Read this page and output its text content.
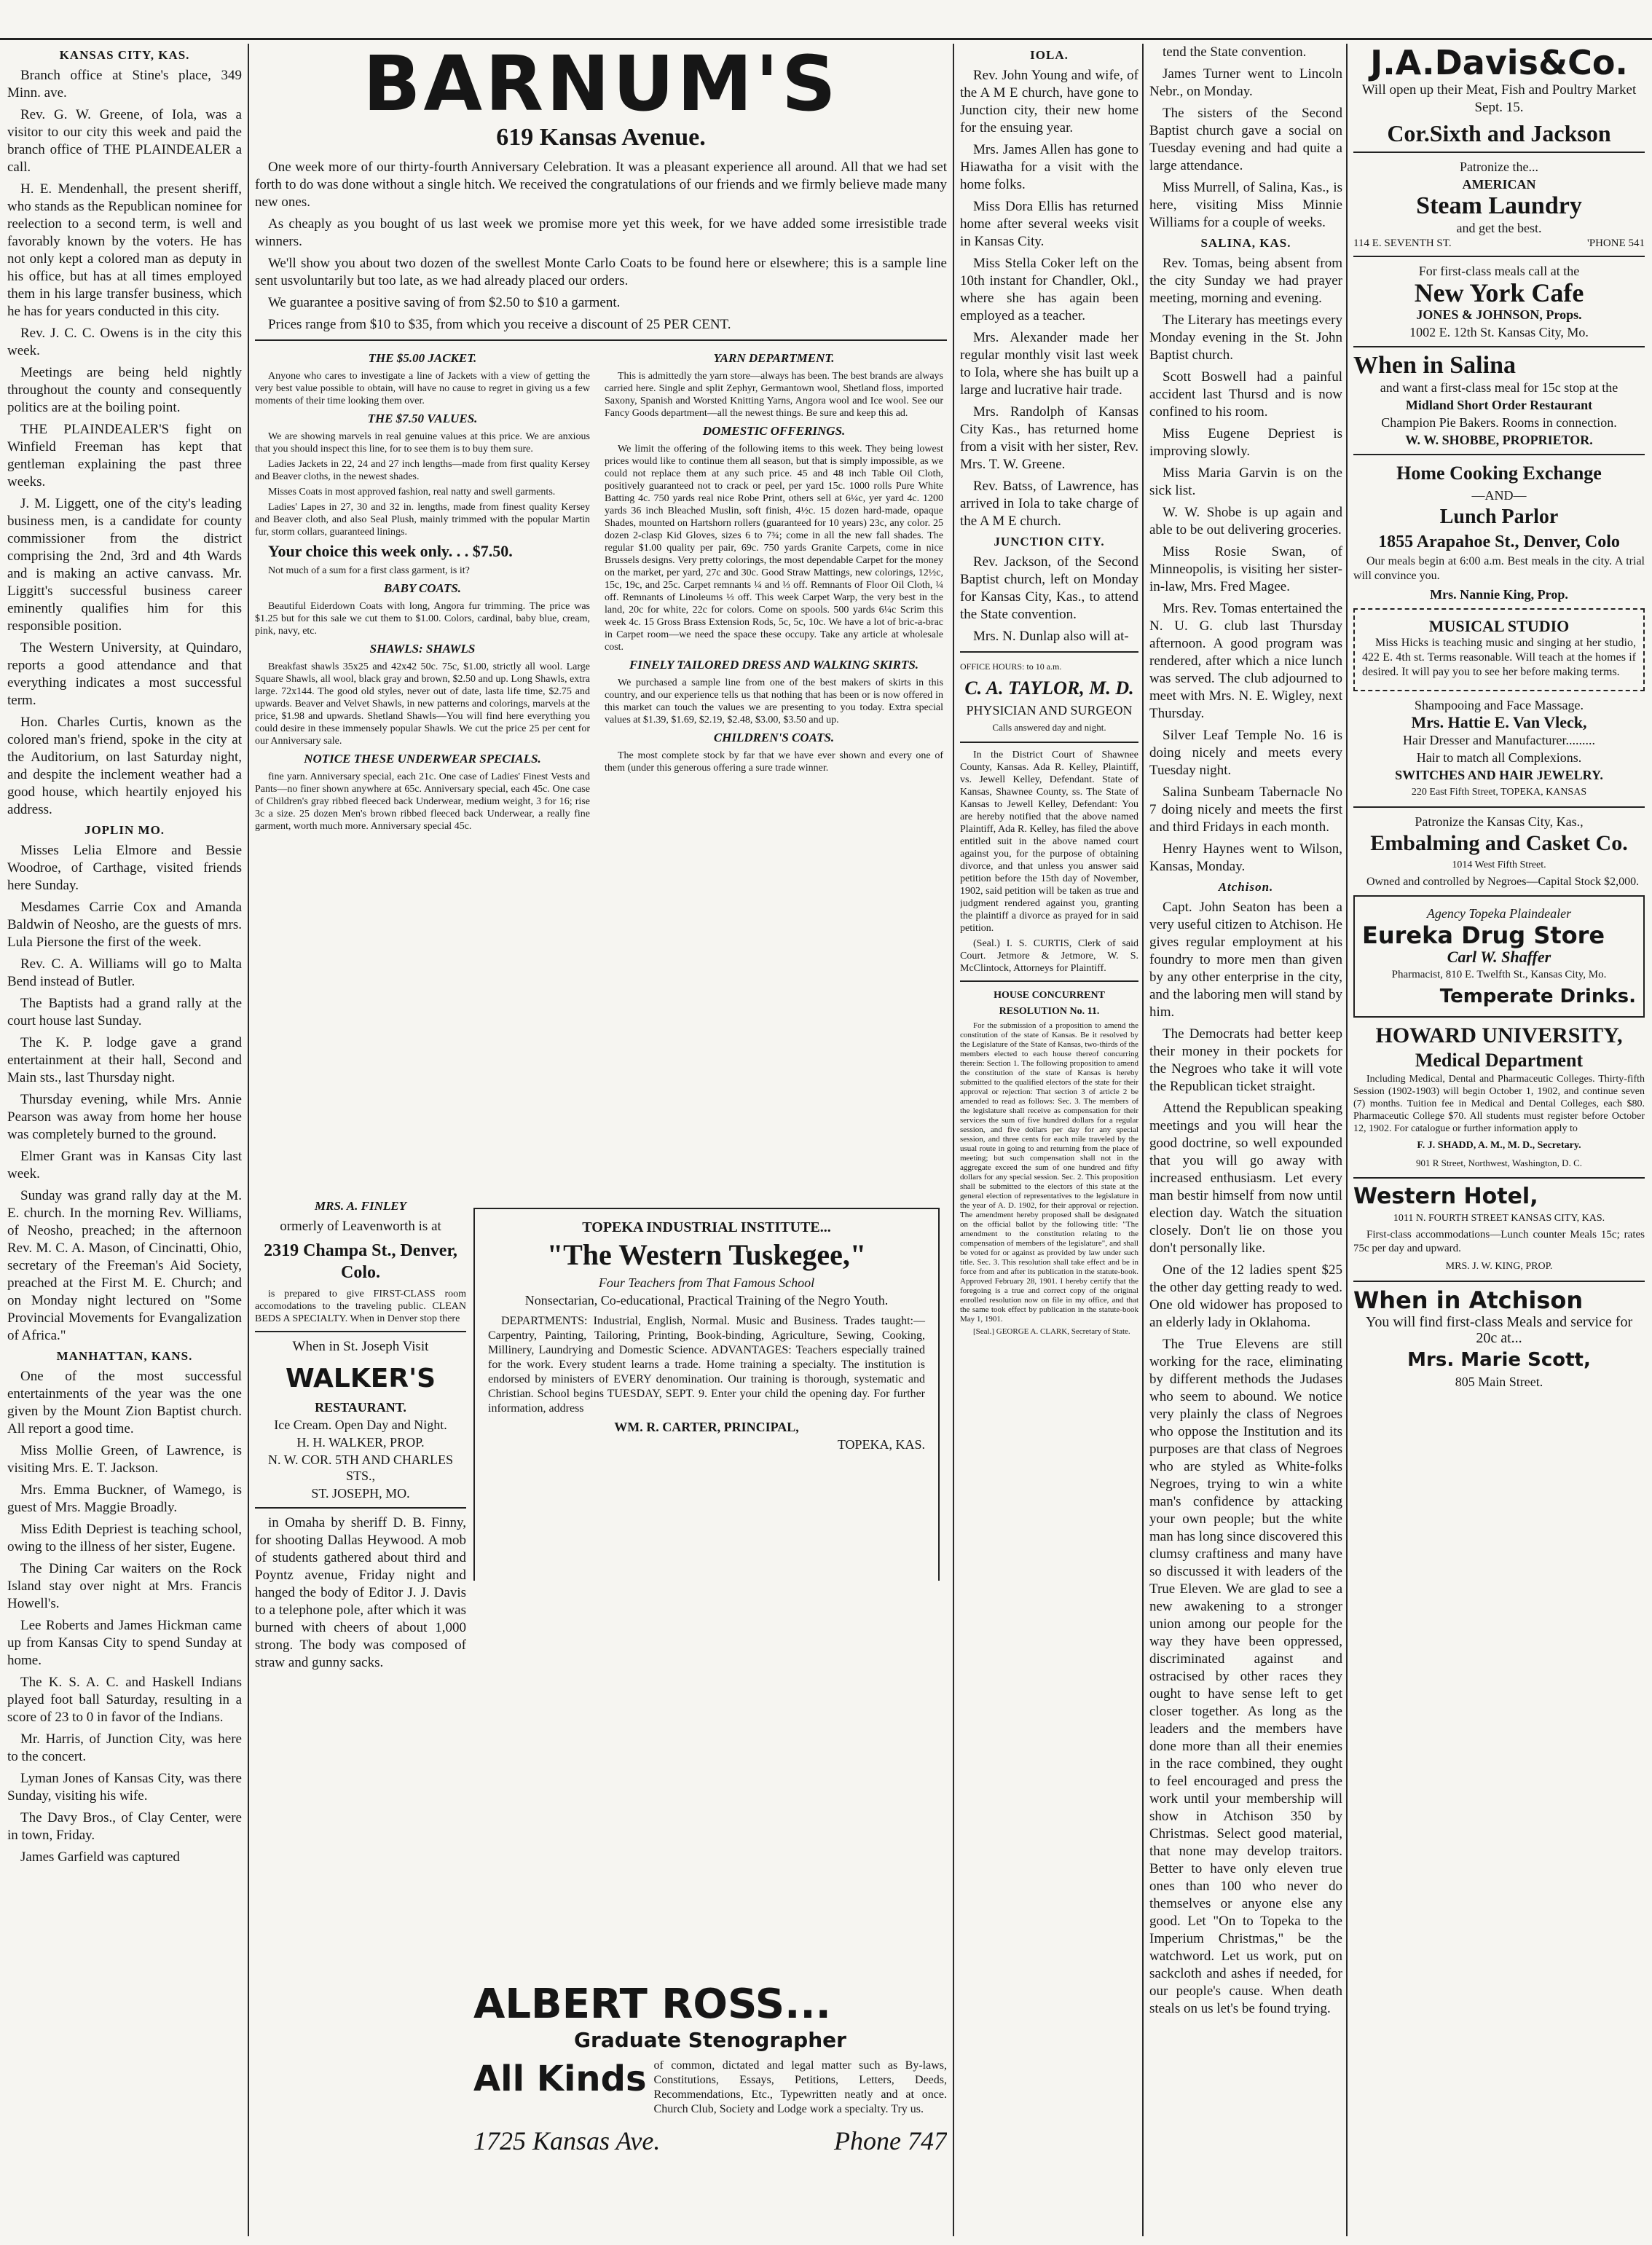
KANSAS CITY, KAS.

Branch office at Stine's place, 349 Minn. ave.

Rev. G. W. Greene, of Iola, was a visitor to our city this week and paid the branch office of THE PLAINDEALER a call.

H. E. Mendenhall, the present sheriff, who stands as the Republican nominee for reelection to a second term, is well and favorably known by the voters. He has not only kept a colored man as deputy in his office, but has at all times employed them in his large transfer business, which he has for years conducted in this city.

Rev. J. C. C. Owens is in the city this week.

Meetings are being held nightly throughout the county and consequently politics are at the boiling point.

THE PLAINDEALER'S fight on Winfield Freeman has kept that gentleman explaining the past three weeks.

J. M. Liggett, one of the city's leading business men, is a candidate for county commissioner from the district comprising the 2nd, 3rd and 4th Wards and is making an active canvass. Mr. Liggitt's successful business career eminently qualifies him for this responsible position.

The Western University, at Quindaro, reports a good attendance and that everything indicates a most successful term.

Hon. Charles Curtis, known as the colored man's friend, spoke in the city at the Auditorium, on last Saturday night, and despite the inclement weather had a good house, which heartily enjoyed his address.

JOPLIN MO.

Misses Lelia Elmore and Bessie Woodroe, of Carthage, visited friends here Sunday.

Mesdames Carrie Cox and Amanda Baldwin of Neosho, are the guests of mrs. Lula Piersone the first of the week.

Rev. C. A. Williams will go to Malta Bend instead of Butler.

The Baptists had a grand rally at the court house last Sunday.

The K. P. lodge gave a grand entertainment at their hall, Second and Main sts., last Thursday night.

Thursday evening, while Mrs. Annie Pearson was away from home her house was completely burned to the ground.

Elmer Grant was in Kansas City last week.

Sunday was grand rally day at the M. E. church. In the morning Rev. Williams, of Neosho, preached; in the afternoon Rev. M. C. A. Mason, of Cincinatti, Ohio, secretary of the Freeman's Aid Society, preached at the First M. E. Church; and on Monday night lectured on "Some Provincial Movements for Evangalization of Africa."

MANHATTAN, KANS.

One of the most successful entertainments of the year was the one given by the Mount Zion Baptist church. All report a good time.

Miss Mollie Green, of Lawrence, is visiting Mrs. E. T. Jackson.

Mrs. Emma Buckner, of Wamego, is guest of Mrs. Maggie Broadly.

Miss Edith Depriest is teaching school, owing to the illness of her sister, Eugene.

The Dining Car waiters on the Rock Island stay over night at Mrs. Francis Howell's.

Lee Roberts and James Hickman came up from Kansas City to spend Sunday at home.

The K. S. A. C. and Haskell Indians played foot ball Saturday, resulting in a score of 23 to 0 in favor of the Indians.

Mr. Harris, of Junction City, was here to the concert.

Lyman Jones of Kansas City, was there Sunday, visiting his wife.

The Davy Bros., of Clay Center, were in town, Friday.

James Garfield was captured

BARNUM'S
619 Kansas Avenue.

One week more of our thirty-fourth Anniversary Celebration. It was a pleasant experience all around. All that we had set forth to do was done without a single hitch. We received the congratulations of our friends and we firmly believe made many new ones.

As cheaply as you bought of us last week we promise more yet this week, for we have added some irresistible trade winners.

We'll show you about two dozen of the swellest Monte Carlo Coats to be found here or elsewhere; this is a sample line sent usvoluntarily but too late, as we had already placed our orders.

We guarantee a positive saving of from $2.50 to $10 a garment.

Prices range from $10 to $35, from which you receive a discount of 25 PER CENT.

THE $5.00 JACKET.

Anyone who cares to investigate a line of Jackets with a view of getting the very best value possible to obtain, will have no cause to regret in giving us a few moments of their time looking them over.

THE $7.50 VALUES.

We are showing marvels in real genuine values at this price. We are anxious that you should inspect this line, for to see them is to buy them sure.

Ladies Jackets in 22, 24 and 27 inch lengths—made from first quality Kersey and Beaver cloths, in the newest shades.

Misses Coats in most approved fashion, real natty and swell garments.

Ladies' Lapes in 27, 30 and 32 in. lengths, made from finest quality Kersey and Beaver cloth, and also Seal Plush, mainly trimmed with the popular Martin fur, storm collars, guaranteed linings.

Your choice this week only. . . $7.50.

Not much of a sum for a first class garment, is it?

BABY COATS.

Beautiful Eiderdown Coats with long, Angora fur trimming. The price was $1.25 but for this sale we cut them to $1.00. Colors, cardinal, baby blue, cream, pink, navy, etc.

SHAWLS: SHAWLS

Breakfast shawls 35x25 and 42x42 50c. 75c, $1.00, strictly all wool. Large Square Shawls, all wool, black gray and brown, $2.50 and up. Long Shawls, extra large. 72x144. The good old styles, never out of date, lasta life time, $2.75 and upwards. Beaver and Velvet Shawls, in new patterns and colorings, marvels at the price, $1.98 and upwards. Shetland Shawls—You will find here everything you could desire in these immensely popular Shawls. We cut the price 25 per cent for our Anniversary sale.

NOTICE THESE UNDERWEAR SPECIALS.

fine yarn. Anniversary special, each 21c. One case of Ladies' Finest Vests and Pants—no finer shown anywhere at 65c. Anniversary special, each 45c. One case of Children's gray ribbed fleeced back Underwear, medium weight, 3 for 16; rise 3c a size. 25 dozen Men's brown ribbed fleeced back Underwear, a really fine garment, worth much more. Anniversary special 45c.

YARN DEPARTMENT.

This is admittedly the yarn store—always has been. The best brands are always carried here. Single and split Zephyr, Germantown wool, Shetland floss, imported Saxony, Spanish and Worsted Knitting Yarns, Angora wool and Ice wool. See our Fancy Goods department—all the newest things. Be sure and keep this ad.

DOMESTIC OFFERINGS.

We limit the offering of the following items to this week. They being lowest prices would like to continue them all season, but that is simply impossible, as we could not replace them at any such price. 45 and 48 inch Table Oil Cloth, positively guaranteed not to crack or peel, per yard 15c. 1000 rolls Pure White Batting 4c. 750 yards real nice Robe Print, others sell at 6¼c, yer yard 4c. 1200 yards 36 inch Bleached Muslin, soft finish, 4½c. 15 dozen hard-made, opaque Shades, mounted on Hartshorn rollers (guaranteed for 10 years) 23c, any color. 25 dozen 2-clasp Kid Gloves, sizes 6 to 7¾; come in all the new fall shades. The regular $1.00 quality per pair, 69c. 750 yards Granite Carpets, come in nice Brussels designs. Very pretty colorings, the most dependable Carpet for the money on the market, per yard, 27c and 30c. Good Straw Mattings, new colorings, 12½c, 15c, 19c, and 25c. Carpet remnants ¼ and ⅓ off. Remnants of Floor Oil Cloth, ¼ off. Remnants of Linoleums ⅓ off. This week Carpet Warp, the very best in the land, 20c for white, 22c for colors. Come on spools. 500 yards 6¼c Scrim this week 4c. 15 Gross Brass Extension Rods, 5c, 5c, 10c. We have a lot of bric-a-brac in Carpet room—we need the space these occupy. Take any article at wholesale cost.

FINELY TAILORED DRESS AND WALKING SKIRTS.

We purchased a sample line from one of the best makers of skirts in this country, and our experience tells us that nothing that has been or is now offered in this market can touch the values we are presenting to you today. Extra special values at $1.39, $1.69, $2.19, $2.48, $3.00, $3.50 and up.

CHILDREN'S COATS.

The most complete stock by far that we have ever shown and every one of them (under this generous offering a sure trade winner.

MRS. A. FINLEY

ormerly of Leavenworth is at

2319 Champa St., Denver, Colo.

is prepared to give FIRST-CLASS room accomodations to the traveling public. CLEAN BEDS A SPECIALTY. When in Denver stop there

When in St. Joseph Visit

WALKER'S
RESTAURANT.
Ice Cream. Open Day and Night.
H. H. WALKER, PROP.
N. W. COR. 5TH AND CHARLES STS.,
ST. JOSEPH, MO.

in Omaha by sheriff D. B. Finny, for shooting Dallas Heywood. A mob of students gathered about third and Poyntz avenue, Friday night and hanged the body of Editor J. J. Davis to a telephone pole, after which it was burned with cheers of about 1,000 strong. The body was composed of straw and gunny sacks.

TOPEKA INDUSTRIAL INSTITUTE...
"The Western Tuskegee,"
Four Teachers from That Famous School
Nonsectarian, Co-educational, Practical Training of the Negro Youth.

DEPARTMENTS: Industrial, English, Normal. Music and Business. Trades taught:—Carpentry, Painting, Tailoring, Printing, Book-binding, Agriculture, Sewing, Cooking, Millinery, Laundrying and Domestic Science. ADVANTAGES: Teachers especially trained for the work. Every student learns a trade. Home training a specialty. The institution is endorsed by ministers of EVERY denomination. Our training is thorough, systematic and Christian. School begins TUESDAY, SEPT. 9. Enter your child the opening day. For further information, address

WM. R. CARTER, PRINCIPAL,
TOPEKA, KAS.
ALBERT ROSS...
Graduate Stenographer
All Kinds of common, dictated and legal matter such as By-laws, Constitutions, Essays, Petitions, Letters, Deeds, Recommendations, Etc., Typewritten neatly and at once. Church Club, Society and Lodge work a specialty. Try us.

1725 Kansas Ave.	Phone 747
IOLA.

Rev. John Young and wife, of the A M E church, have gone to Junction city, their new home for the ensuing year.

Mrs. James Allen has gone to Hiawatha for a visit with the home folks.

Miss Dora Ellis has returned home after several weeks visit in Kansas City.

Miss Stella Coker left on the 10th instant for Chandler, Okl., where she has again been employed as a teacher.

Mrs. Alexander made her regular monthly visit last week to Iola, where she has built up a large and lucrative hair trade.

Mrs. Randolph of Kansas City Kas., has returned home from a visit with her sister, Rev. Mrs. T. W. Greene.

Rev. Batss, of Lawrence, has arrived in Iola to take charge of the A M E church.

JUNCTION CITY.

Rev. Jackson, of the Second Baptist church, left on Monday for Kansas City, Kas., to attend the State convention.

Mrs. N. Dunlap also will at-

OFFICE HOURS: to 10 a.m.
C. A. TAYLOR, M. D.
PHYSICIAN AND SURGEON
Calls answered day and night.

In the District Court of Shawnee County, Kansas. Ada R. Kelley, Plaintiff, vs. Jewell Kelley, Defendant. State of Kansas, Shawnee County, ss. The State of Kansas to Jewell Kelley, Defendant: You are hereby notified that the above named Plaintiff, Ada R. Kelley, has filed the above entitled suit in the above named court against you, for the purpose of obtaining divorce, and that unless you answer said petition before the 15th day of November, 1902, said petition will be taken as true and judgment rendered against you, granting the plaintiff a divorce as prayed for in said petition.

(Seal.) I. S. CURTIS, Clerk of said Court. Jetmore & Jetmore, W. S. McClintock, Attorneys for Plaintiff.

HOUSE CONCURRENT RESOLUTION No. 11.

For the submission of a proposition to amend the constitution of the state of Kansas. Be it resolved by the Legislature of the State of Kansas, two-thirds of the members elected to each house thereof concurring therein: Section 1. The following proposition to amend the constitution of the state of Kansas is hereby submitted to the qualified electors of the state for their approval or rejection: That section 3 of article 2 be amended to read as follows: Sec. 3. The members of the legislature shall receive as compensation for their services the sum of five hundred dollars for a regular session, and five dollars per day for any special session, and three cents for each mile traveled by the usual route in going to and returning from the place of meeting; but such compensation shall not in the aggregate exceed the sum of one hundred and fifty dollars for any special session. Sec. 2. This proposition shall be submitted to the electors of this state at the general election of representatives to the legislature in the year of A. D. 1902, for their approval or rejection. The amendment hereby proposed shall be designated on the official ballot by the following title: "The amendment to the constitution relating to the compensation of members of the legislature", and shall be voted for or against as provided by law under such title. Sec. 3. This resolution shall take effect and be in force from and after its publication in the statute-book. Approved February 28, 1901. I hereby certify that the foregoing is a true and correct copy of the original enrolled resolution now on file in my office, and that the same took effect by publication in the statute-book May 1, 1901.

[Seal.] GEORGE A. CLARK, Secretary of State.

tend the State convention.

James Turner went to Lincoln Nebr., on Monday.

The sisters of the Second Baptist church gave a social on Tuesday evening and had quite a large attendance.

Miss Murrell, of Salina, Kas., is here, visiting Miss Minnie Williams for a couple of weeks.

SALINA, KAS.

Rev. Tomas, being absent from the city Sunday we had prayer meeting, morning and evening.

The Literary has meetings every Monday evening in the St. John Baptist church.

Scott Boswell had a painful accident last Thursd and is now confined to his room.

Miss Eugene Depriest is improving slowly.

Miss Maria Garvin is on the sick list.

W. W. Shobe is up again and able to be out delivering groceries.

Miss Rosie Swan, of Minneopolis, is visiting her sister-in-law, Mrs. Fred Magee.

Mrs. Rev. Tomas entertained the N. U. G. club last Thursday afternoon. A good program was rendered, after which a nice lunch was served. The club adjourned to meet with Mrs. N. E. Wigley, next Thursday.

Silver Leaf Temple No. 16 is doing nicely and meets every Tuesday night.

Salina Sunbeam Tabernacle No 7 doing nicely and meets the first and third Fridays in each month.

Henry Haynes went to Wilson, Kansas, Monday.

Atchison.

Capt. John Seaton has been a very useful citizen to Atchison. He gives regular employment at his foundry to more men than given by any other enterprise in the city, and the laboring men will stand by him.

The Democrats had better keep their money in their pockets for the Negroes who take it will vote the Republican ticket straight.

Attend the Republican speaking meetings and you will hear the good doctrine, so well expounded that you will go away with increased enthusiasm. Let every man bestir himself from now until election day. Watch the situation closely. Don't lie on those you don't personally like.

One of the 12 ladies spent $25 the other day getting ready to wed. One old widower has proposed to an elderly lady in Oklahoma.

The True Elevens are still working for the race, eliminating by different methods the Judases who seem to abound. We notice very plainly the class of Negroes who oppose the Institution and its purposes are that class of Negroes who are styled as White-folks Negroes, trying to win a white man's confidence by attacking your own people; but the white man has long since discovered this clumsy craftiness and many have so discussed it with leaders of the True Eleven. We are glad to see a new awakening to a stronger union among our people for the way they have been oppressed, discriminated against and ostracised by other races they ought to have sense left to get closer together. As long as the leaders and the members have done more than all their enemies in the race combined, they ought to feel encouraged and press the work until your membership will show in Atchison 350 by Christmas. Select good material, that none may develop traitors. Better to have only eleven true ones than 100 who never do themselves or anyone else any good. Let "On to Topeka to the Imperium Christmas," be the watchword. Let us work, put on sackcloth and ashes if needed, for our people's cause. When death steals on us let's be found trying.

J.A.Davis&Co.

Will open up their Meat, Fish and Poultry Market Sept. 15.

Cor.Sixth and Jackson
Patronize the...
AMERICAN
Steam Laundry
and get the best.
114 E. SEVENTH ST.	'PHONE 541
For first-class meals call at the
New York Cafe
JONES & JOHNSON, Props.
1002 E. 12th St. Kansas City, Mo.
When in Salina
and want a first-class meal for 15c stop at the
Midland Short Order Restaurant
Champion Pie Bakers. Rooms in connection.
W. W. SHOBBE, PROPRIETOR.
Home Cooking Exchange
—AND—
Lunch Parlor
1855 Arapahoe St., Denver, Colo

Our meals begin at 6:00 a.m. Best meals in the city. A trial will convince you.

Mrs. Nannie King, Prop.
MUSICAL STUDIO

Miss Hicks is teaching music and singing at her studio, 422 E. 4th st. Terms reasonable. Will teach at the homes if desired. It will pay you to see her before making terms.

Shampooing and Face Massage.
Mrs. Hattie E. Van Vleck,
Hair Dresser and Manufacturer.........
Hair to match all Complexions.
SWITCHES AND HAIR JEWELRY.
220 East Fifth Street, TOPEKA, KANSAS
Patronize the Kansas City, Kas.,
Embalming and Casket Co.
1014 West Fifth Street.

Owned and controlled by Negroes—Capital Stock $2,000.

Agency Topeka Plaindealer
Eureka Drug Store
Carl W. Shaffer
Pharmacist, 810 E. Twelfth St., Kansas City, Mo.
Temperate Drinks.
HOWARD UNIVERSITY,
Medical Department

Including Medical, Dental and Pharmaceutic Colleges. Thirty-fifth Session (1902-1903) will begin October 1, 1902, and continue seven (7) months. Tuition fee in Medical and Dental Colleges, each $80. Pharmaceutic College $70. All students must register before October 12, 1902. For catalogue or further information apply to

F. J. SHADD, A. M., M. D., Secretary.
901 R Street, Northwest, Washington, D. C.
Western Hotel,
1011 N. FOURTH STREET KANSAS CITY, KAS.

First-class accommodations—Lunch counter Meals 15c; rates 75c per day and upward.

MRS. J. W. KING, PROP.
When in Atchison
You will find first-class Meals and service for 20c at...
Mrs. Marie Scott,
805 Main Street.
